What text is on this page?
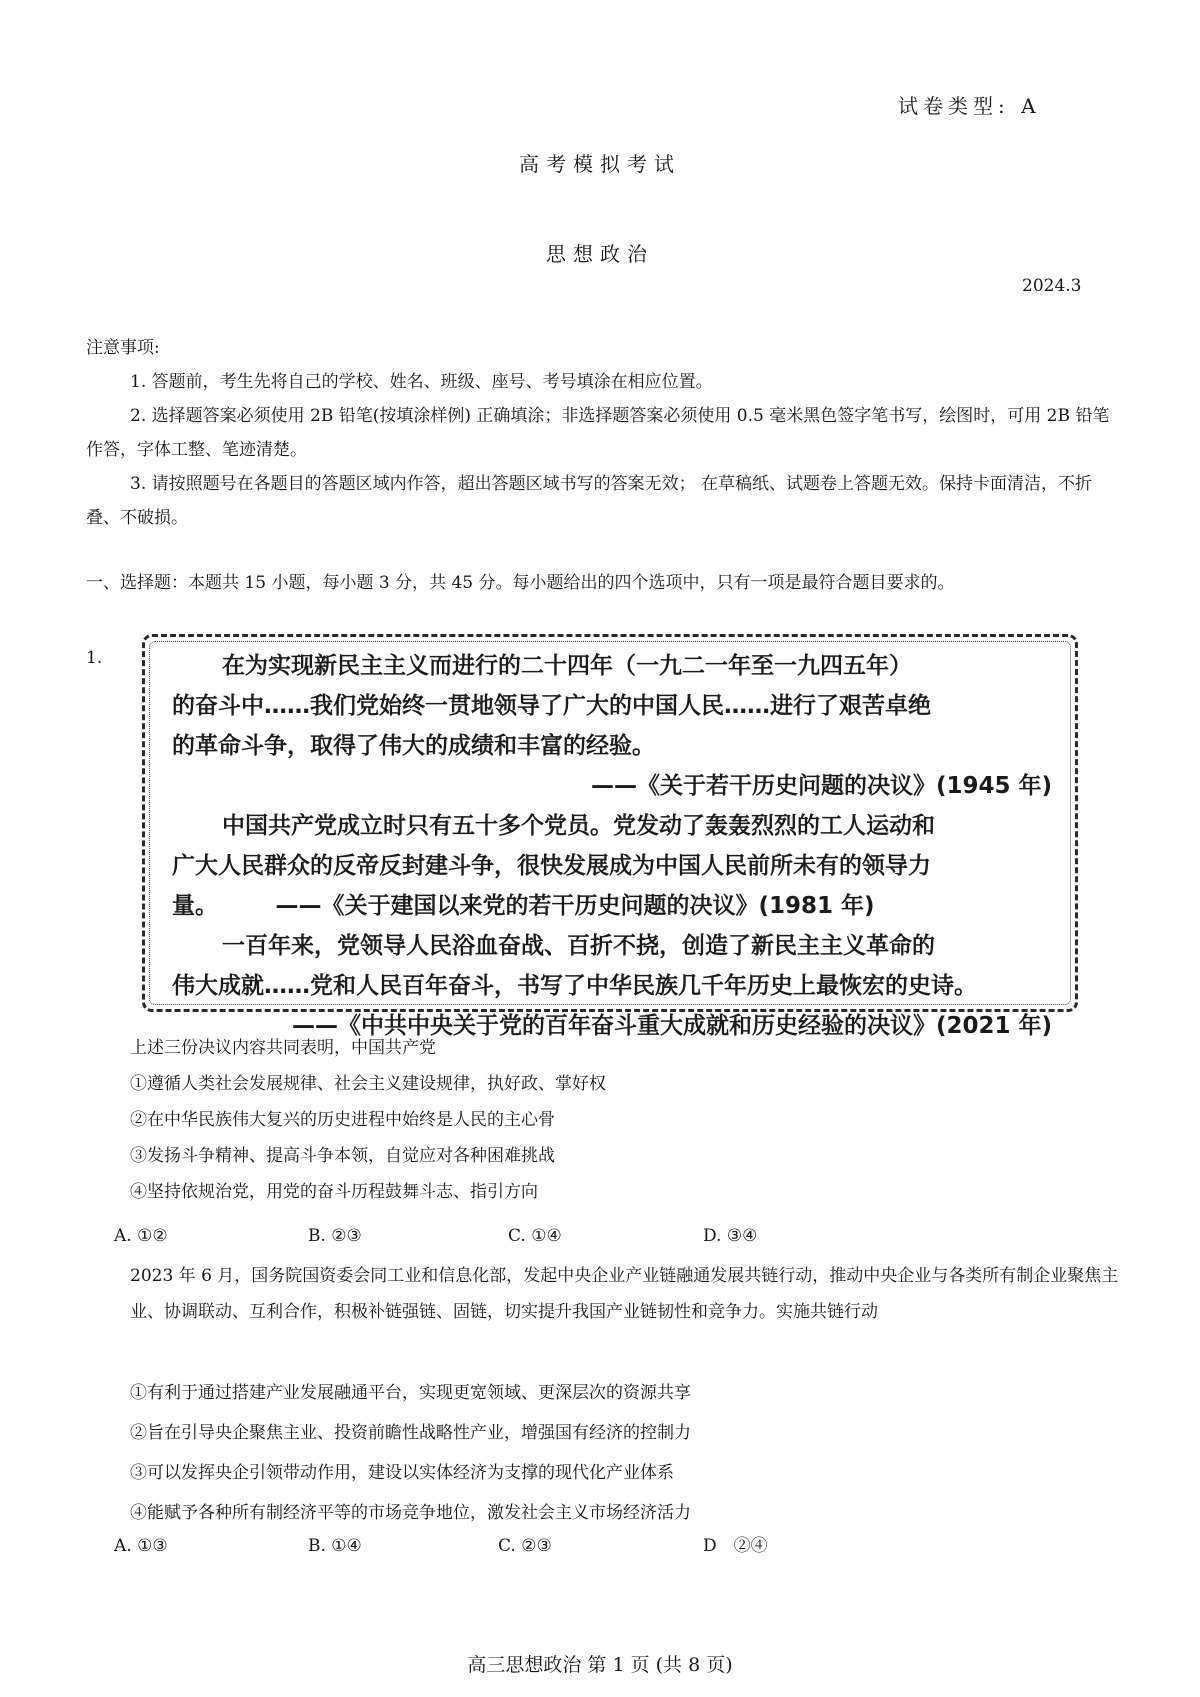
试卷类型: A
高考模拟考试
思想政治
2024.3
注意事项:
1. 答题前，考生先将自己的学校、姓名、班级、座号、考号填涂在相应位置。
2. 选择题答案必须使用 2B 铅笔(按填涂样例) 正确填涂；非选择题答案必须使用 0.5 毫米黑色签字笔书写，绘图时，可用 2B 铅笔作答，字体工整、笔迹清楚。
3. 请按照题号在各题目的答题区域内作答，超出答题区域书写的答案无效； 在草稿纸、试题卷上答题无效。保持卡面清洁，不折叠、不破损。
一、选择题：本题共 15 小题，每小题 3 分，共 45 分。每小题给出的四个选项中，只有一项是最符合题目要求的。
1.	在为实现新民主主义而进行的二十四年（一九二一年至一九四五年）
的奋斗中……我们党始终一贯地领导了广大的中国人民……进行了艰苦卓绝
的革命斗争，取得了伟大的成绩和丰富的经验。
——《关于若干历史问题的决议》(1945 年)
中国共产党成立时只有五十多个党员。党发动了轰轰烈烈的工人运动和
广大人民群众的反帝反封建斗争，很快发展成为中国人民前所未有的领导力
量。　　　——《关于建国以来党的若干历史问题的决议》(1981 年)
一百年来，党领导人民浴血奋战、百折不挠，创造了新民主主义革命的
伟大成就……党和人民百年奋斗，书写了中华民族几千年历史上最恢宏的史诗。
——《中共中央关于党的百年奋斗重大成就和历史经验的决议》(2021 年)
上述三份决议内容共同表明，中国共产党
①遵循人类社会发展规律、社会主义建设规律，执好政、掌好权
②在中华民族伟大复兴的历史进程中始终是人民的主心骨
③发扬斗争精神、提高斗争本领，自觉应对各种困难挑战
④坚持依规治党，用党的奋斗历程鼓舞斗志、指引方向
A. ①②	B. ②③	C. ①④	D. ③④
2023 年 6 月，国务院国资委会同工业和信息化部，发起中央企业产业链融通发展共链行动，推动中央企业与各类所有制企业聚焦主业、协调联动、互利合作，积极补链强链、固链，切实提升我国产业链韧性和竞争力。实施共链行动
①有利于通过搭建产业发展融通平台，实现更宽领域、更深层次的资源共享
②旨在引导央企聚焦主业、投资前瞻性战略性产业，增强国有经济的控制力
③可以发挥央企引领带动作用，建设以实体经济为支撑的现代化产业体系
④能赋予各种所有制经济平等的市场竞争地位，激发社会主义市场经济活力
A. ①③	B. ①④	C. ②③	D　②④
高三思想政治 第 1 页 (共 8 页)
